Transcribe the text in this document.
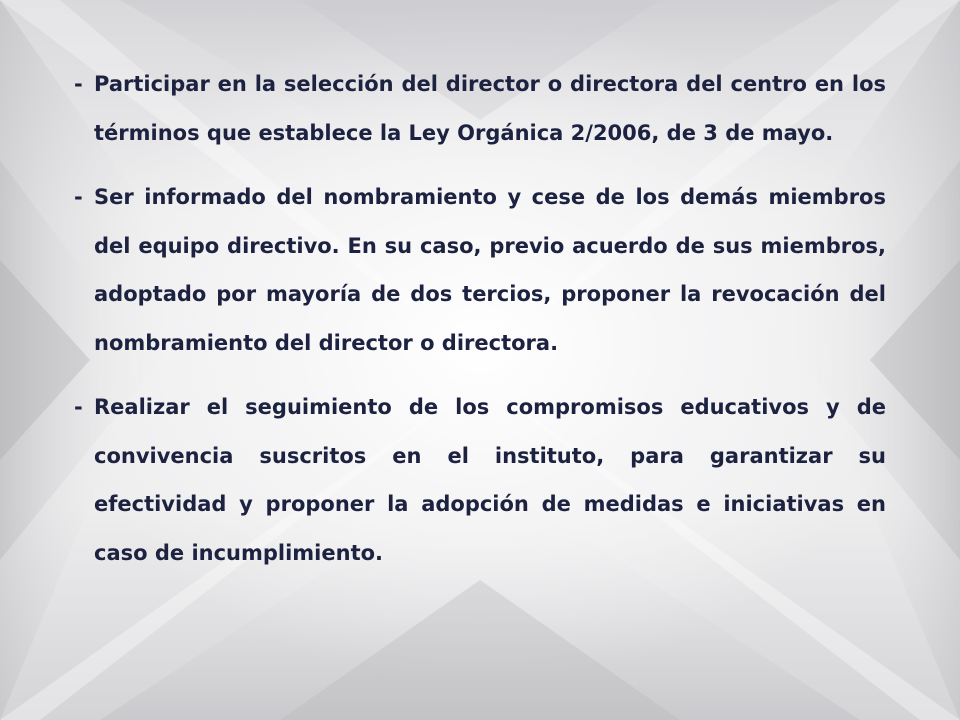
- Participar en la selección del director o directora del centro en los términos que establece la Ley Orgánica 2/2006, de 3 de mayo.

- Ser informado del nombramiento y cese de los demás miembros del equipo directivo. En su caso, previo acuerdo de sus miembros, adoptado por mayoría de dos tercios, proponer la revocación del nombramiento del director o directora.

- Realizar el seguimiento de los compromisos educativos y de convivencia suscritos en el instituto, para garantizar su efectividad y proponer la adopción de medidas e iniciativas en caso de incumplimiento.
